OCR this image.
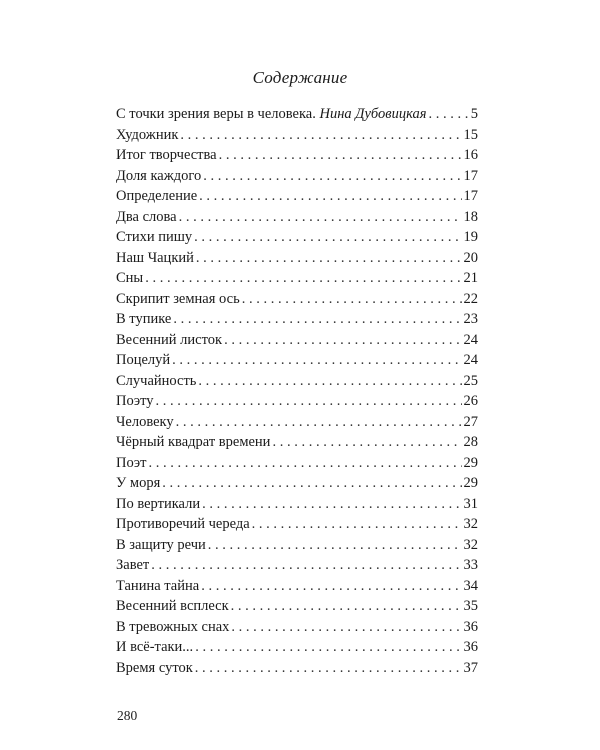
Содержание
С точки зрения веры в человека. Нина Дубовицкая . . .	5
Художник . . .	15
Итог творчества . . .	16
Доля каждого . . .	17
Определение . . .	17
Два слова . . .	18
Стихи пишу . . .	19
Наш Чацкий . . .	20
Сны . . .	21
Скрипит земная ось . . .	22
В тупике . . .	23
Весенний листок . . .	24
Поцелуй . . .	24
Случайность . . .	25
Поэту . . .	26
Человеку . . .	27
Чёрный квадрат времени . . .	28
Поэт . . .	29
У моря . . .	29
По вертикали . . .	31
Противоречий череда . . .	32
В защиту речи . . .	32
Завет . . .	33
Танина тайна . . .	34
Весенний всплеск . . .	35
В тревожных снах . . .	36
И всё-таки... . . .	36
Время суток . . .	37
280
